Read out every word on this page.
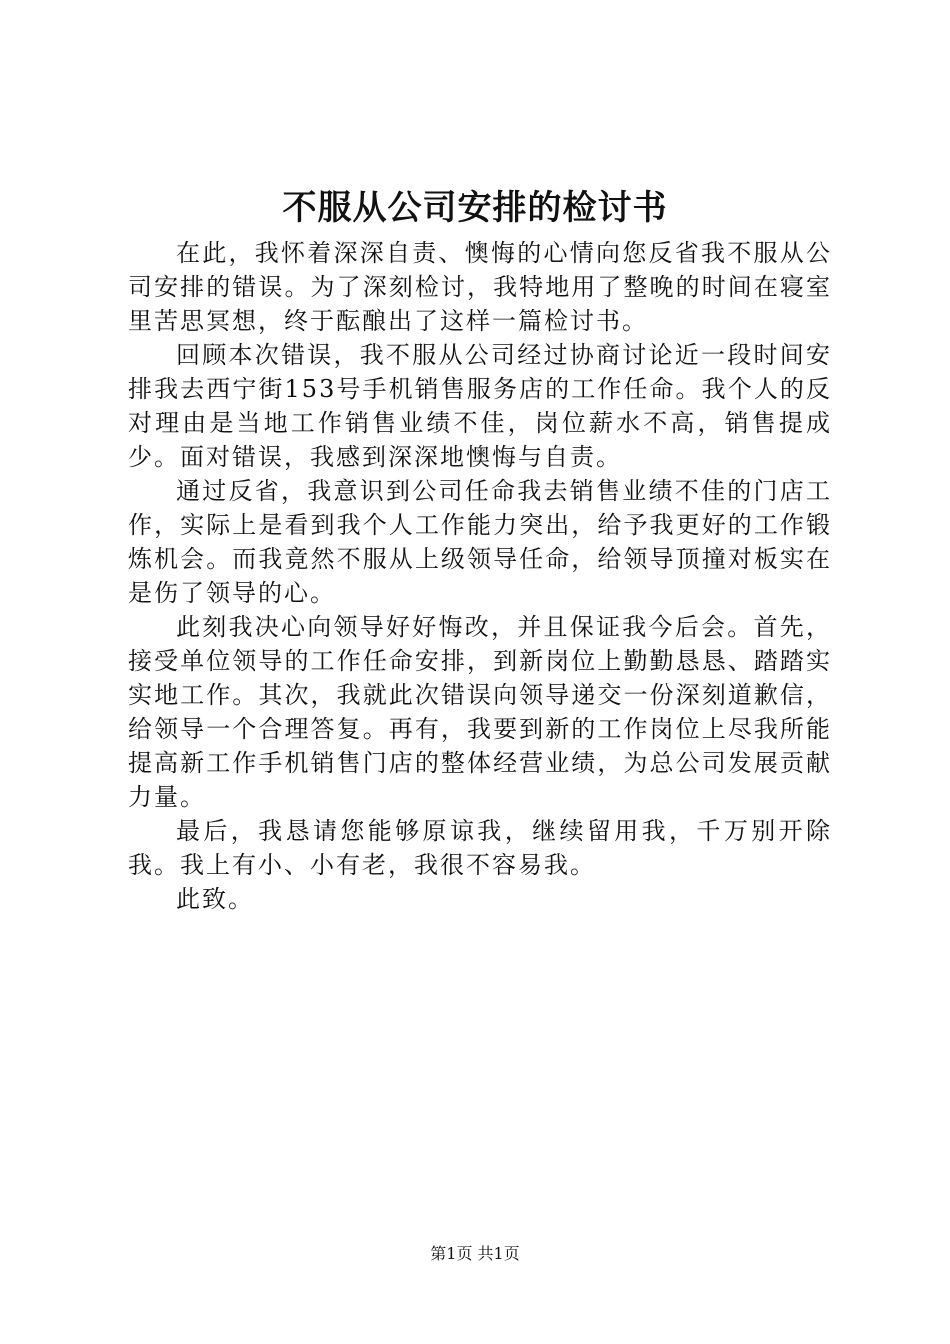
不服从公司安排的检讨书

在此，我怀着深深自责、懊悔的心情向您反省我不服从公司安排的错误。为了深刻检讨，我特地用了整晚的时间在寝室里苦思冥想，终于酝酿出了这样一篇检讨书。

回顾本次错误，我不服从公司经过协商讨论近一段时间安排我去西宁街153号手机销售服务店的工作任命。我个人的反对理由是当地工作销售业绩不佳，岗位薪水不高，销售提成少。面对错误，我感到深深地懊悔与自责。

通过反省，我意识到公司任命我去销售业绩不佳的门店工作，实际上是看到我个人工作能力突出，给予我更好的工作锻炼机会。而我竟然不服从上级领导任命，给领导顶撞对板实在是伤了领导的心。

此刻我决心向领导好好悔改，并且保证我今后会。首先，接受单位领导的工作任命安排，到新岗位上勤勤恳恳、踏踏实实地工作。其次，我就此次错误向领导递交一份深刻道歉信，给领导一个合理答复。再有，我要到新的工作岗位上尽我所能提高新工作手机销售门店的整体经营业绩，为总公司发展贡献力量。

最后，我恳请您能够原谅我，继续留用我，千万别开除我。我上有小、小有老，我很不容易我。

此致。

第1页 共1页
